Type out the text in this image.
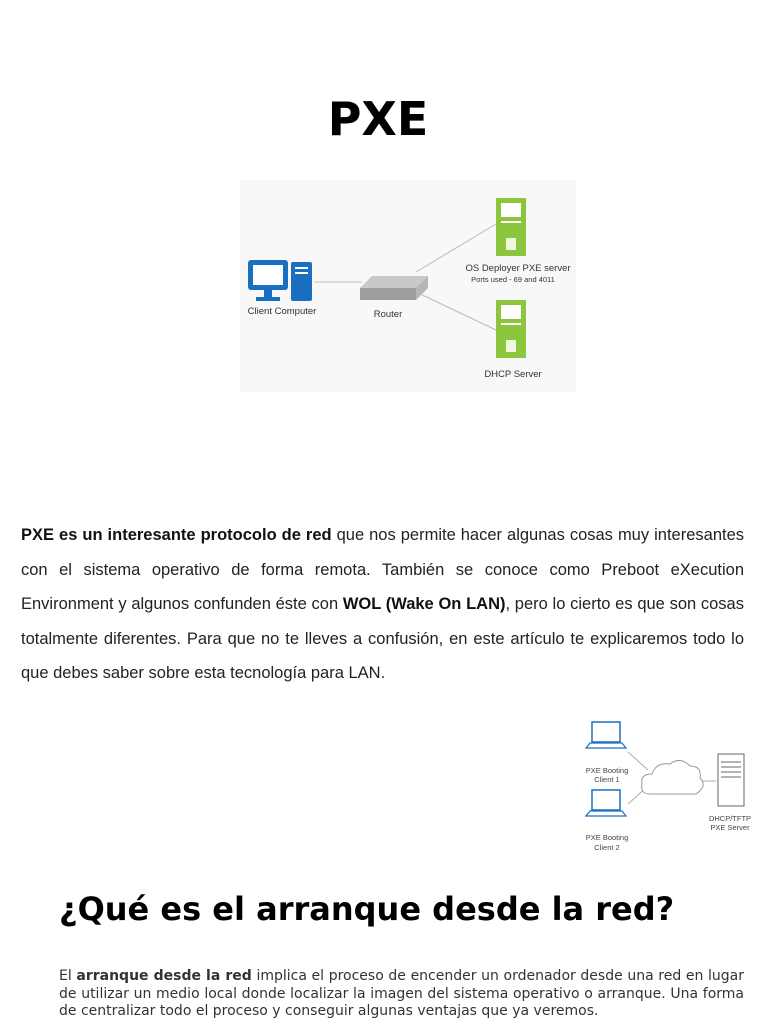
PXE
Client Computer	Router
OS Deployer PXE server
Ports used - 69 and 4011
DHCP Server

PXE es un interesante protocolo de red que nos permite hacer algunas cosas muy interesantes con el sistema operativo de forma remota. También se conoce como Preboot eXecution Environment y algunos confunden éste con WOL (Wake On LAN), pero lo cierto es que son cosas totalmente diferentes. Para que no te lleves a confusión, en este artículo te explicaremos todo lo que debes saber sobre esta tecnología para LAN.

PXE Booting
Client 1
PXE Booting
Client 2
DHCP/TFTP
PXE Server
¿Qué es el arranque desde la red?

El arranque desde la red implica el proceso de encender un ordenador desde una red en lugar de utilizar un medio local donde localizar la imagen del sistema operativo o arranque. Una forma de centralizar todo el proceso y conseguir algunas ventajas que ya veremos.
